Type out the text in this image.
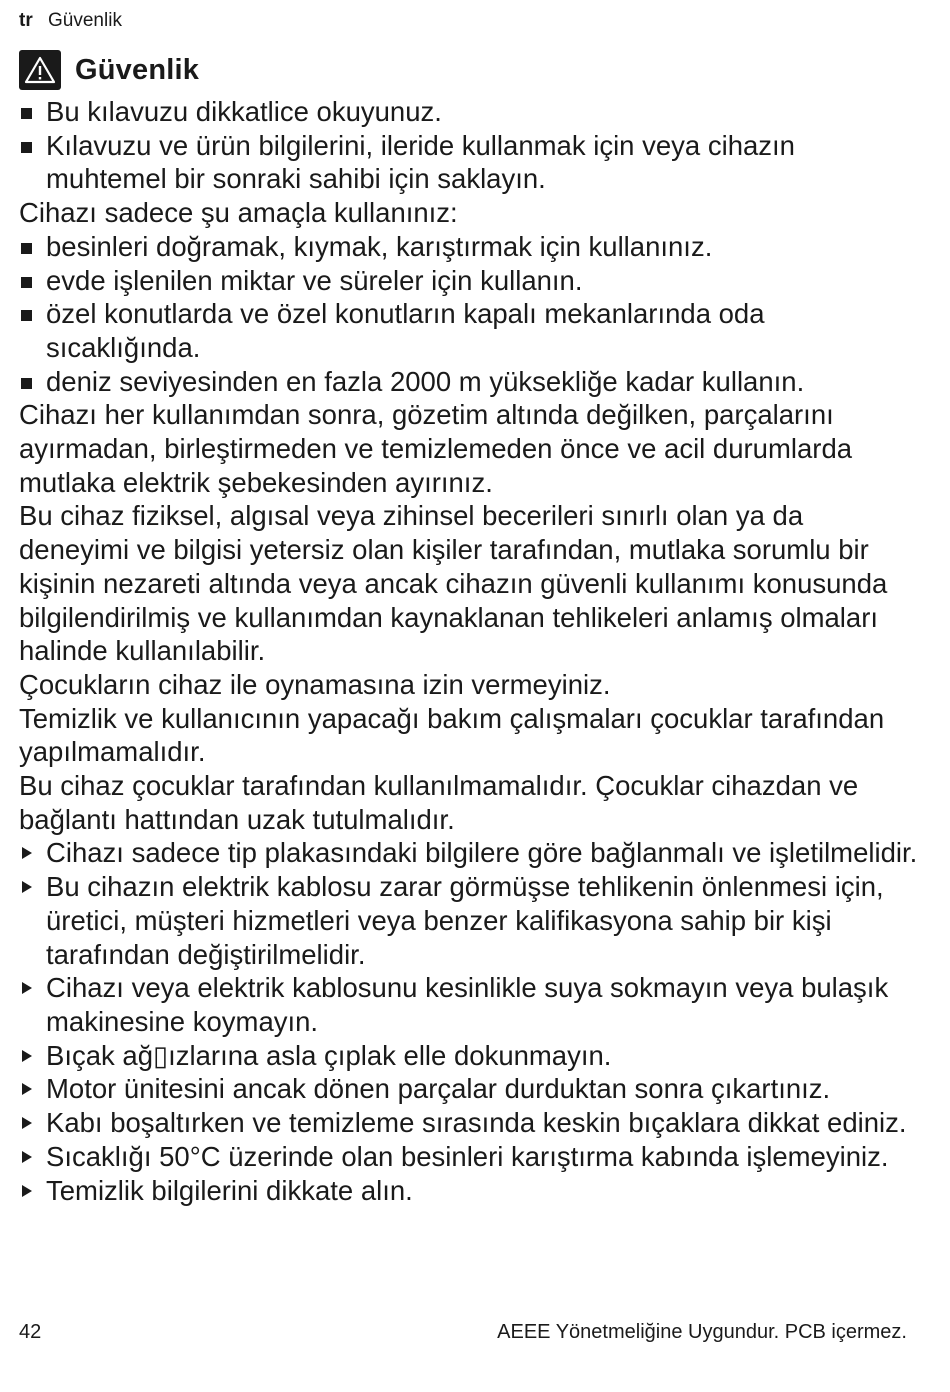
tr Güvenlik
Güvenlik

Bu kılavuzu dikkatlice okuyunuz.

Kılavuzu ve ürün bilgilerini, ileride kullanmak için veya cihazın muhtemel bir sonraki sahibi için saklayın.

Cihazı sadece şu amaçla kullanınız:

besinleri doğramak, kıymak, karıştırmak için kullanınız.

evde işlenilen miktar ve süreler için kullanın.

özel konutlarda ve özel konutların kapalı mekanlarında oda sıcaklığında.

deniz seviyesinden en fazla 2000 m yüksekliğe kadar kullanın.

Cihazı her kullanımdan sonra, gözetim altında değilken, parçalarını ayırmadan, birleştirmeden ve temizlemeden önce ve acil durumlarda mutlaka elektrik şebekesinden ayırınız.

Bu cihaz fiziksel, algısal veya zihinsel becerileri sınırlı olan ya da deneyimi ve bilgisi yetersiz olan kişiler tarafından, mutlaka sorumlu bir kişinin nezareti altında veya ancak cihazın güvenli kullanımı konusunda bilgilendirilmiş ve kullanımdan kaynaklanan tehlikeleri anlamış olmaları halinde kullanılabilir.

Çocukların cihaz ile oynamasına izin vermeyiniz.

Temizlik ve kullanıcının yapacağı bakım çalışmaları çocuklar tarafından yapılmamalıdır.

Bu cihaz çocuklar tarafından kullanılmamalıdır. Çocuklar cihazdan ve bağlantı hattından uzak tutulmalıdır.

Cihazı sadece tip plakasındaki bilgilere göre bağlanmalı ve işletilmelidir.

Bu cihazın elektrik kablosu zarar görmüşse tehlikenin önlenmesi için, üretici, müşteri hizmetleri veya benzer kalifikasyona sahip bir kişi tarafından değiştirilmelidir.

Cihazı veya elektrik kablosunu kesinlikle suya sokmayın veya bulaşık makinesine koymayın.

Bıçak ağ▯ızlarına asla çıplak elle dokunmayın.

Motor ünitesini ancak dönen parçalar durduktan sonra çıkartınız.

Kabı boşaltırken ve temizleme sırasında keskin bıçaklara dikkat ediniz.

Sıcaklığı 50°C üzerinde olan besinleri karıştırma kabında işlemeyiniz.

Temizlik bilgilerini dikkate alın.

42	AEEE Yönetmeliğine Uygundur. PCB içermez.
